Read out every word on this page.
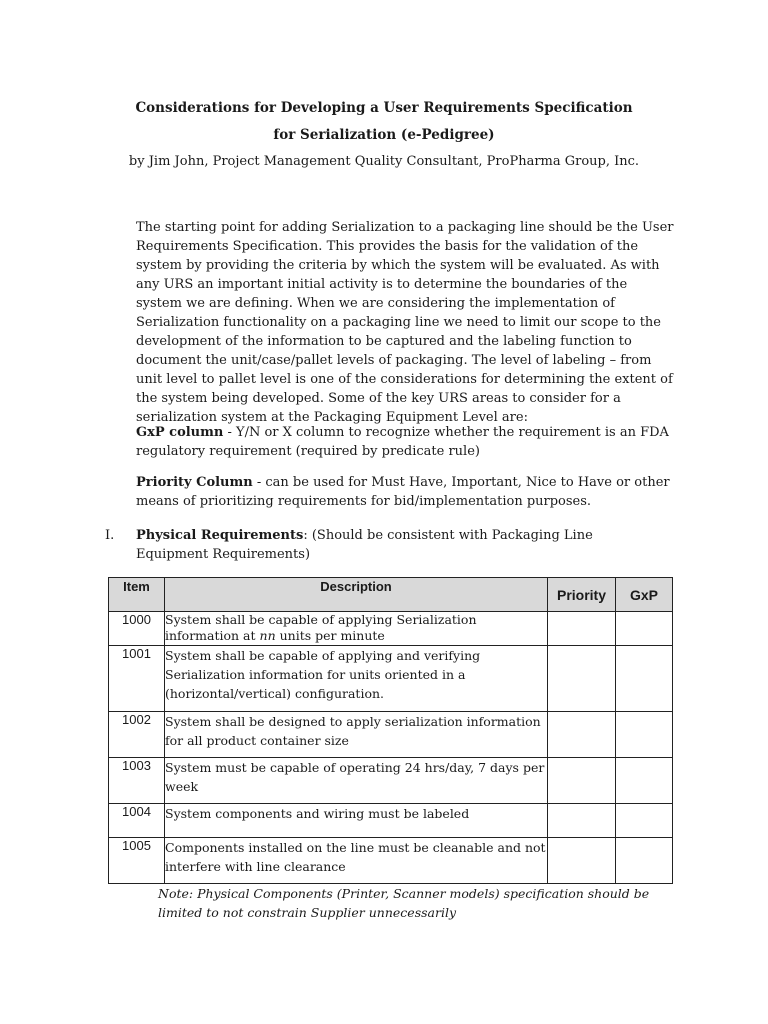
Considerations for Developing a User Requirements Specification
for Serialization (e-Pedigree)
by Jim John, Project Management Quality Consultant, ProPharma Group, Inc.
The starting point for adding Serialization to a packaging line should be the User Requirements Specification. This provides the basis for the validation of the system by providing the criteria by which the system will be evaluated. As with any URS an important initial activity is to determine the boundaries of the system we are defining. When we are considering the implementation of Serialization functionality on a packaging line we need to limit our scope to the development of the information to be captured and the labeling function to document the unit/case/pallet levels of packaging. The level of labeling – from unit level to pallet level is one of the considerations for determining the extent of the system being developed. Some of the key URS areas to consider for a serialization system at the Packaging Equipment Level are:
GxP column - Y/N or X column to recognize whether the requirement is an FDA regulatory requirement (required by predicate rule)
Priority Column - can be used for Must Have, Important, Nice to Have or other means of prioritizing requirements for bid/implementation purposes.
I. Physical Requirements: (Should be consistent with Packaging Line Equipment Requirements)
Item	Description	Priority	GxP
1000	System shall be capable of applying Serialization information at nn units per minute		
1001	System shall be capable of applying and verifying Serialization information for units oriented in a (horizontal/vertical) configuration.		
1002	System shall be designed to apply serialization information for all product container size		
1003	System must be capable of operating 24 hrs/day, 7 days per week		
1004	System components and wiring must be labeled		
1005	Components installed on the line must be cleanable and not interfere with line clearance		
Note: Physical Components (Printer, Scanner models) specification should be limited to not constrain Supplier unnecessarily
